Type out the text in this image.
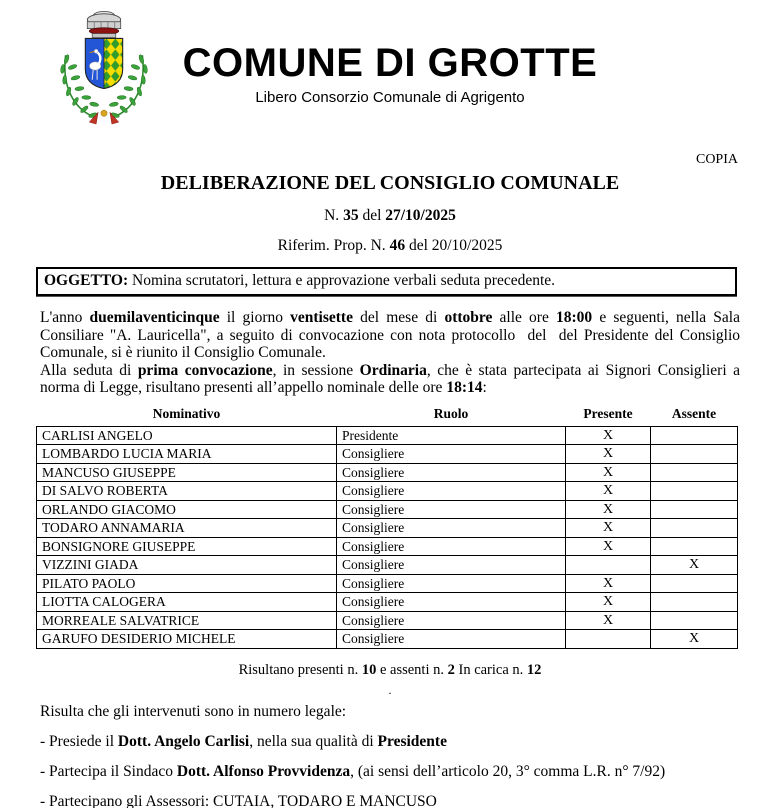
COMUNE DI GROTTE
Libero Consorzio Comunale di Agrigento
COPIA
DELIBERAZIONE DEL CONSIGLIO COMUNALE
N. 35 del 27/10/2025
Riferim. Prop. N. 46 del 20/10/2025
OGGETTO: Nomina scrutatori, lettura e approvazione verbali seduta precedente.
L'anno duemilaventicinque il giorno ventisette del mese di ottobre alle ore 18:00 e seguenti, nella Sala Consiliare "A. Lauricella", a seguito di convocazione con nota protocollo  del  del Presidente del Consiglio Comunale, si è riunito il Consiglio Comunale.
Alla seduta di prima convocazione, in sessione Ordinaria, che è stata partecipata ai Signori Consiglieri a norma di Legge, risultano presenti all’appello nominale delle ore 18:14:
Nominativo	Ruolo	Presente	Assente
CARLISI ANGELO	Presidente	X	
LOMBARDO LUCIA MARIA	Consigliere	X	
MANCUSO GIUSEPPE	Consigliere	X	
DI SALVO ROBERTA	Consigliere	X	
ORLANDO GIACOMO	Consigliere	X	
TODARO ANNAMARIA	Consigliere	X	
BONSIGNORE GIUSEPPE	Consigliere	X	
VIZZINI GIADA	Consigliere		X
PILATO PAOLO	Consigliere	X	
LIOTTA CALOGERA	Consigliere	X	
MORREALE SALVATRICE	Consigliere	X	
GARUFO DESIDERIO MICHELE	Consigliere		X
Risultano presenti n. 10 e assenti n. 2 In carica n. 12
.
Risulta che gli intervenuti sono in numero legale:
- Presiede il Dott. Angelo Carlisi, nella sua qualità di Presidente
- Partecipa il Sindaco Dott. Alfonso Provvidenza, (ai sensi dell’articolo 20, 3° comma L.R. n° 7/92)
- Partecipano gli Assessori: CUTAIA, TODARO E MANCUSO
